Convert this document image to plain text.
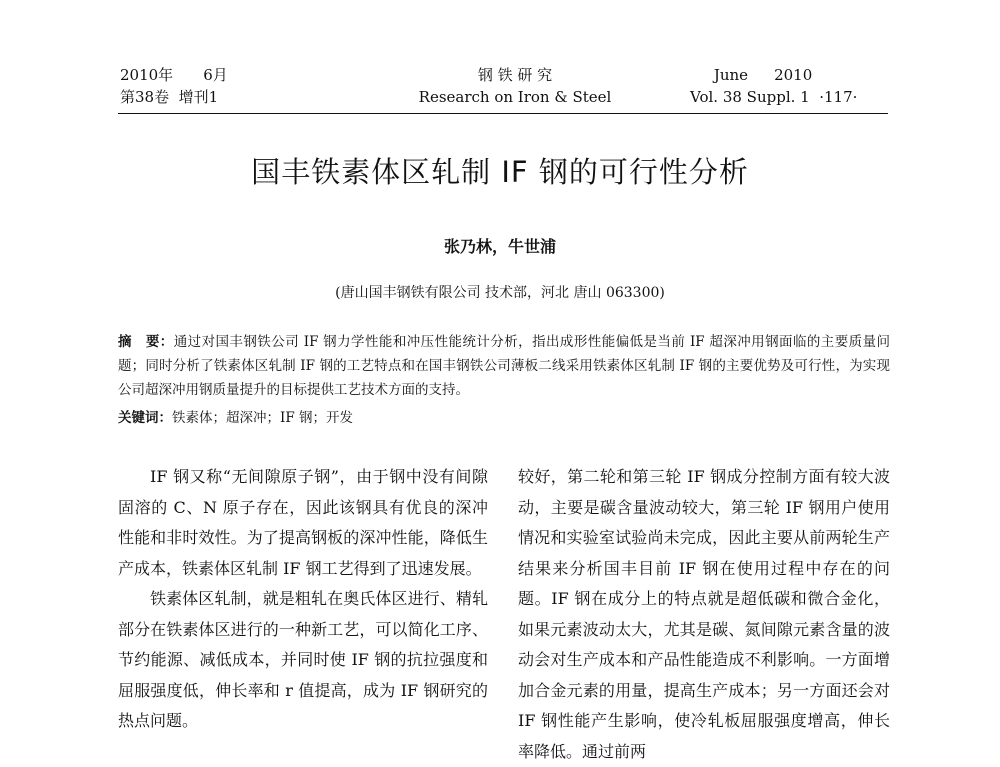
2010年 6月
第38卷 增刊1
钢 铁 研 究
Research on Iron & Steel
June 2010
Vol. 38 Suppl. 1 ·117·
国丰铁素体区轧制 IF 钢的可行性分析
张乃林，牛世浦
(唐山国丰钢铁有限公司 技术部，河北 唐山 063300)
摘　要：通过对国丰钢铁公司 IF 钢力学性能和冲压性能统计分析，指出成形性能偏低是当前 IF 超深冲用钢面临的主要质量问题；同时分析了铁素体区轧制 IF 钢的工艺特点和在国丰钢铁公司薄板二线采用铁素体区轧制 IF 钢的主要优势及可行性，为实现公司超深冲用钢质量提升的目标提供工艺技术方面的支持。
关键词：铁素体；超深冲；IF 钢；开发

IF 钢又称“无间隙原子钢”，由于钢中没有间隙固溶的 C、N 原子存在，因此该钢具有优良的深冲性能和非时效性。为了提高钢板的深冲性能，降低生产成本，铁素体区轧制 IF 钢工艺得到了迅速发展。

铁素体区轧制，就是粗轧在奥氏体区进行、精轧部分在铁素体区进行的一种新工艺，可以简化工序、节约能源、减低成本，并同时使 IF 钢的抗拉强度和屈服强度低，伸长率和 r 值提高，成为 IF 钢研究的热点问题。

较好，第二轮和第三轮 IF 钢成分控制方面有较大波动，主要是碳含量波动较大，第三轮 IF 钢用户使用情况和实验室试验尚未完成，因此主要从前两轮生产结果来分析国丰目前 IF 钢在使用过程中存在的问题。IF 钢在成分上的特点就是超低碳和微合金化，如果元素波动太大，尤其是碳、氮间隙元素含量的波动会对生产成本和产品性能造成不利影响。一方面增加合金元素的用量，提高生产成本；另一方面还会对 IF 钢性能产生影响，使冷轧板屈服强度增高，伸长率降低。通过前两
